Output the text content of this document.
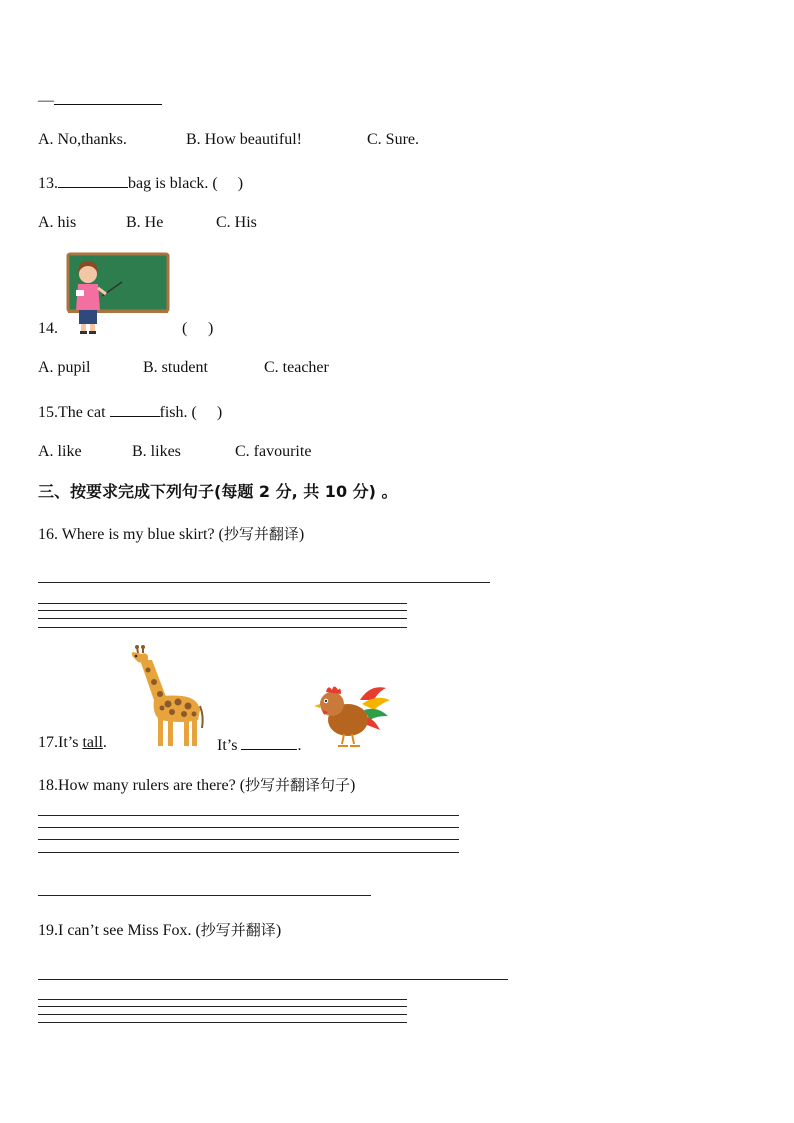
—
A. No,thanks.	B. How beautiful!	C. Sure.
13.	bag is black. ( )
A. his	B. He	C. His
14.	( )
A. pupil	B. student	C. teacher
15.The cat	fish. ( )
A. like	B. likes	C. favourite
三、按要求完成下列句子(每题 2 分, 共 10 分) 。
16. Where is my blue skirt? (抄写并翻译)
17.It’s tall.	It’s	.
18.How many rulers are there? (抄写并翻译句子)
19.I can’t see Miss Fox. (抄写并翻译)
